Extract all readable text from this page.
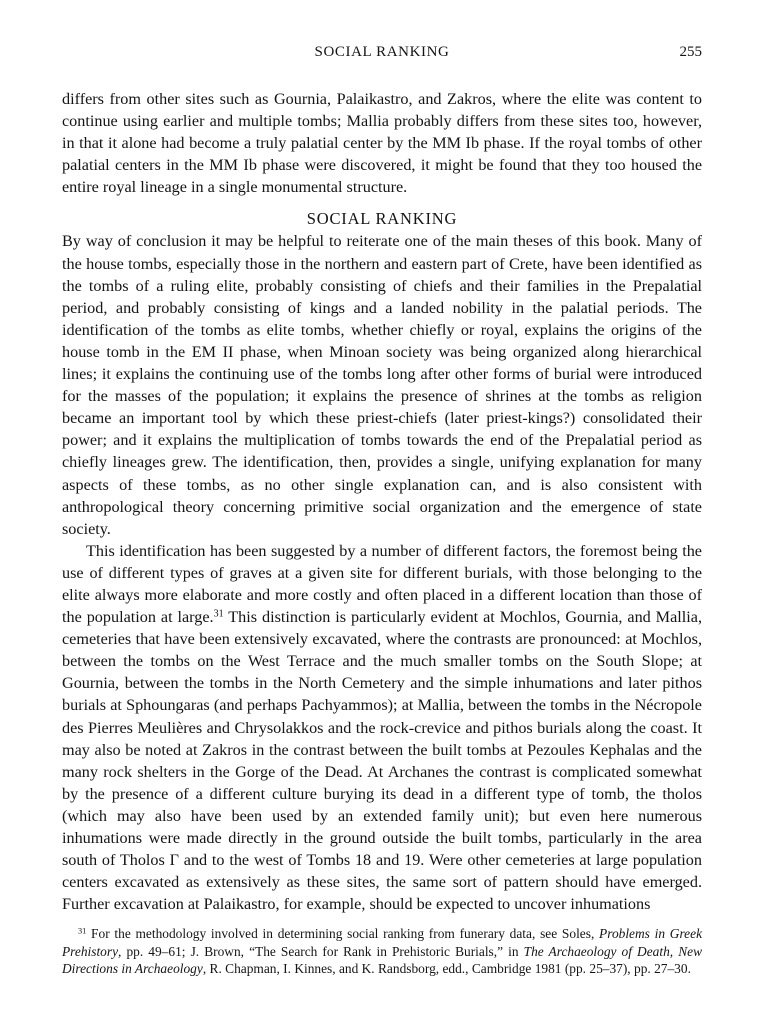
SOCIAL RANKING	255

differs from other sites such as Gournia, Palaikastro, and Zakros, where the elite was content to continue using earlier and multiple tombs; Mallia probably differs from these sites too, however, in that it alone had become a truly palatial center by the MM Ib phase. If the royal tombs of other palatial centers in the MM Ib phase were discovered, it might be found that they too housed the entire royal lineage in a single monumental structure.

SOCIAL RANKING

By way of conclusion it may be helpful to reiterate one of the main theses of this book. Many of the house tombs, especially those in the northern and eastern part of Crete, have been identified as the tombs of a ruling elite, probably consisting of chiefs and their families in the Prepalatial period, and probably consisting of kings and a landed nobility in the palatial periods. The identification of the tombs as elite tombs, whether chiefly or royal, explains the origins of the house tomb in the EM II phase, when Minoan society was being organized along hierarchical lines; it explains the continuing use of the tombs long after other forms of burial were introduced for the masses of the population; it explains the presence of shrines at the tombs as religion became an important tool by which these priest-chiefs (later priest-kings?) consolidated their power; and it explains the multiplication of tombs towards the end of the Prepalatial period as chiefly lineages grew. The identification, then, provides a single, unifying explanation for many aspects of these tombs, as no other single explanation can, and is also consistent with anthropological theory concerning primitive social organization and the emergence of state society.

This identification has been suggested by a number of different factors, the foremost being the use of different types of graves at a given site for different burials, with those belonging to the elite always more elaborate and more costly and often placed in a different location than those of the population at large.$^{31}$ This distinction is particularly evident at Mochlos, Gournia, and Mallia, cemeteries that have been extensively excavated, where the contrasts are pronounced: at Mochlos, between the tombs on the West Terrace and the much smaller tombs on the South Slope; at Gournia, between the tombs in the North Cemetery and the simple inhumations and later pithos burials at Sphoungaras (and perhaps Pachyammos); at Mallia, between the tombs in the Nécropole des Pierres Meulières and Chrysolakkos and the rock-crevice and pithos burials along the coast. It may also be noted at Zakros in the contrast between the built tombs at Pezoules Kephalas and the many rock shelters in the Gorge of the Dead. At Archanes the contrast is complicated somewhat by the presence of a different culture burying its dead in a different type of tomb, the tholos (which may also have been used by an extended family unit); but even here numerous inhumations were made directly in the ground outside the built tombs, particularly in the area south of Tholos Γ and to the west of Tombs 18 and 19. Were other cemeteries at large population centers excavated as extensively as these sites, the same sort of pattern should have emerged. Further excavation at Palaikastro, for example, should be expected to uncover inhumations

$^{31}$ For the methodology involved in determining social ranking from funerary data, see Soles, Problems in Greek Prehistory, pp. 49–61; J. Brown, “The Search for Rank in Prehistoric Burials,” in The Archaeology of Death, New Directions in Archaeology, R. Chapman, I. Kinnes, and K. Randsborg, edd., Cambridge 1981 (pp. 25–37), pp. 27–30.
